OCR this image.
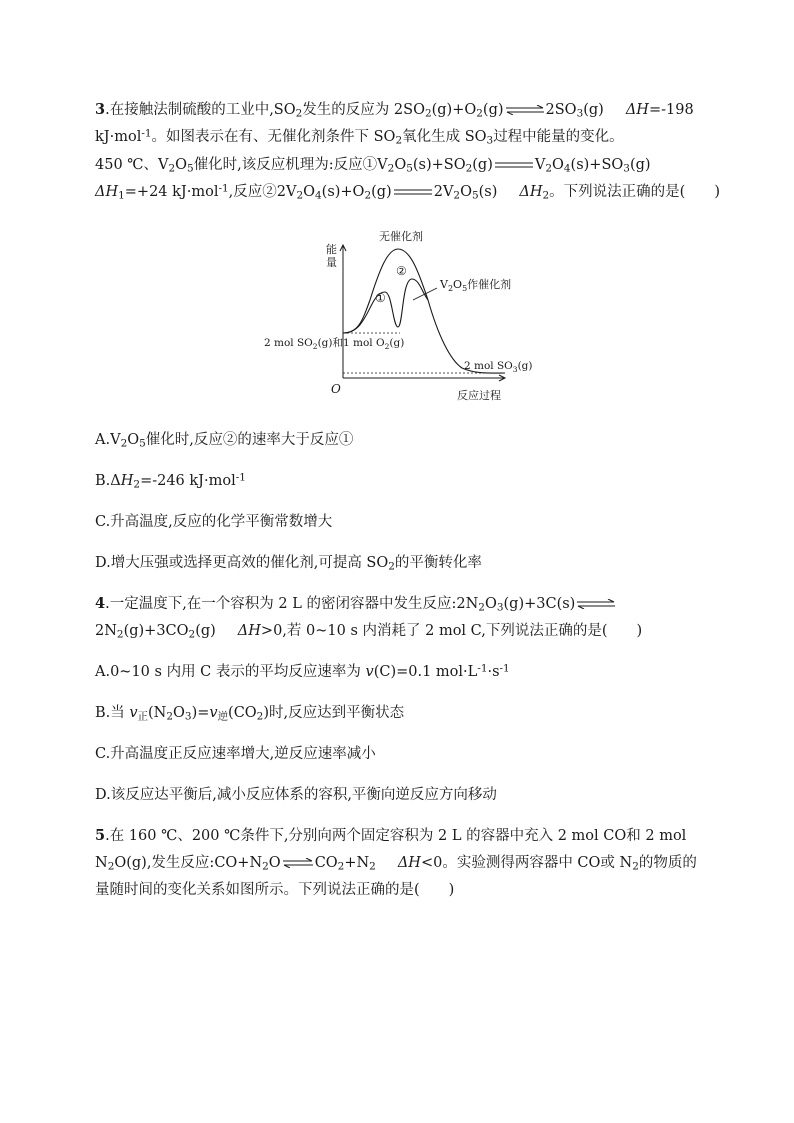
3.在接触法制硫酸的工业中$,SO_2$发生的反应为 $2SO_2(g)+O_2(g)\rightleftharpoons 2SO_3(g)$ ΔH=-198
kJ·mol$^{-1}$。如图表示在有、无催化剂条件下 $SO_2$氧化生成 $SO_3$过程中能量的变化。
450 ℃、$V_2O_5$催化时,该反应机理为:反应$①V_2O_5(s)+SO_2(g)$	$V_2O_4(s)+SO_3(g)$
$\Delta H_1=+24$ kJ·mol$^{-1}$,反应$②2V_2O_4(s)+O_2(g)$	$2V_2O_5(s)$ $\Delta H_2$。下列说法正确的是(　　)
能
量
O	反应过程
无催化剂
$V_2O_5$作催化剂
①
②
2 mol $SO_2(g)$和1 mol $O_2(g)$
2 mol $SO_3(g)$
$A.V_2O_5$催化时,反应②的速率大于反应①
$B.\Delta H_2=-246$ kJ·mol$^{-1}$
C.升高温度,反应的化学平衡常数增大
D.增大压强或选择更高效的催化剂,可提高 $SO_2$的平衡转化率
4.一定温度下,在一个容积为 2 L 的密闭容器中发生反应$:2N_2O_3(g)+3C(s)\rightleftharpoons$
$2N_2(g)+3CO_2(g)$ ΔH>0,若 0~10 s 内消耗了 2 mol C,下列说法正确的是(　　)
A.0~10 s 内用 C 表示的平均反应速率为 v(C)=0.1 $mol\cdot L^{-1}\cdot s^{-1}$
B.当 $v_正(N_2O_3)=v_逆(CO_2)$时,反应达到平衡状态
C.升高温度正反应速率增大,逆反应速率减小
D.该反应达平衡后,减小反应体系的容积,平衡向逆反应方向移动
5.在 160 ℃、200 ℃条件下,分别向两个固定容积为 2 L 的容器中充入 2 mol CO和 2 mol
$N_2O(g)$,发生反应$:CO+N_2O\rightleftharpoons CO_2+N_2$ ΔH<0。实验测得两容器中 CO或 $N_2$的物质的
量随时间的变化关系如图所示。下列说法正确的是(　　)
